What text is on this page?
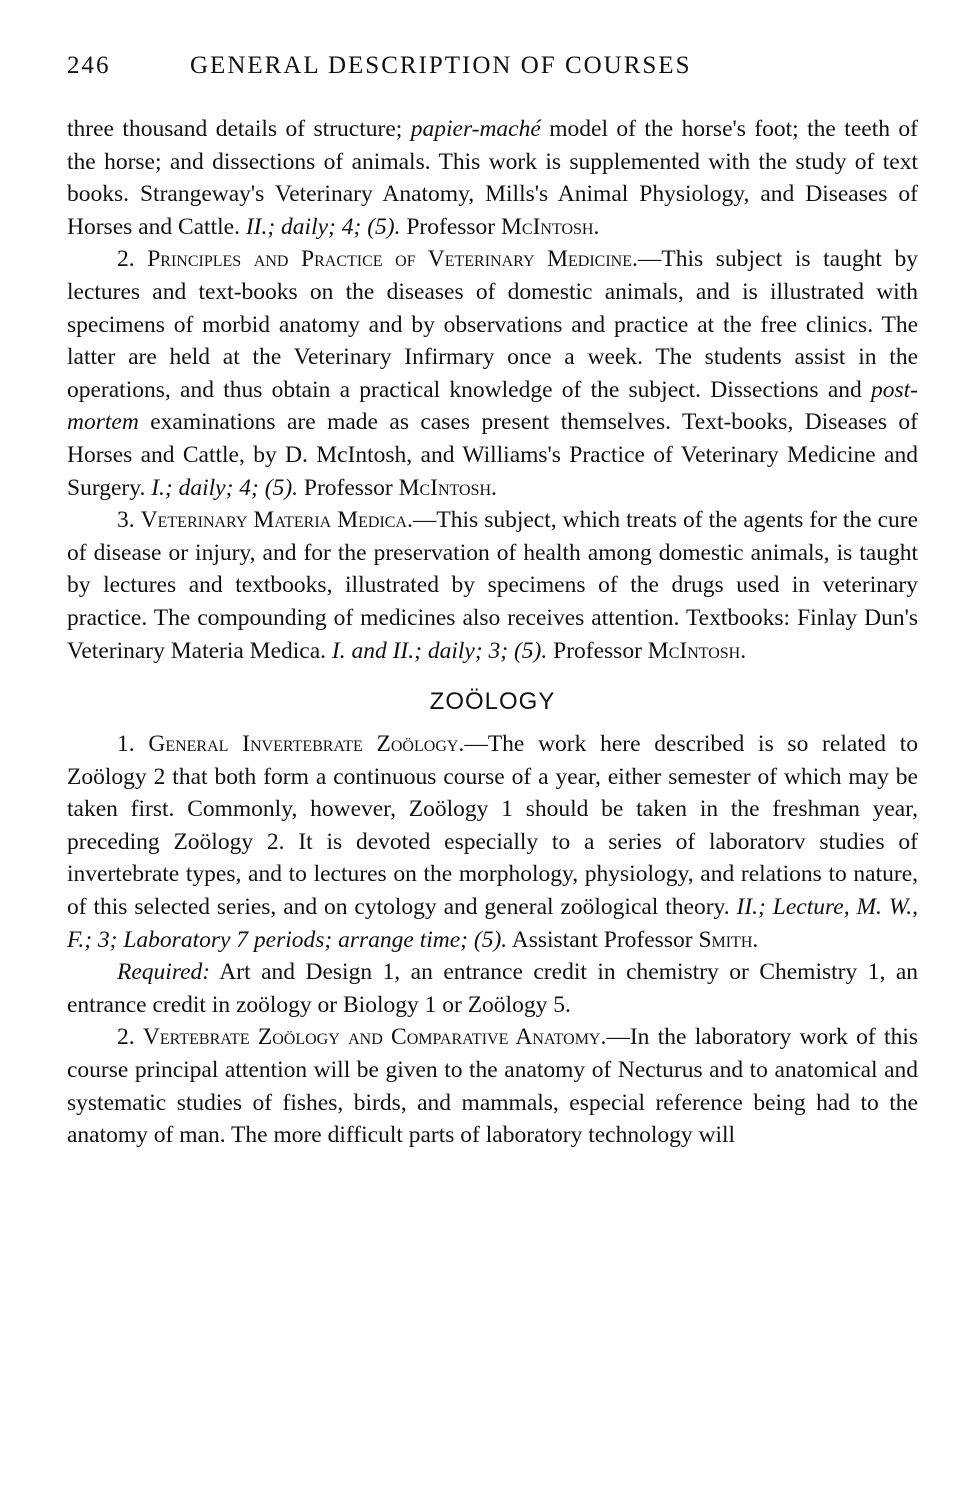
246	GENERAL DESCRIPTION OF COURSES

three thousand details of structure; papier-maché model of the horse's foot; the teeth of the horse; and dissections of animals. This work is supplemented with the study of text books. Strangeway's Veterinary Anatomy, Mills's Animal Physiology, and Diseases of Horses and Cattle. II.; daily; 4; (5). Professor McIntosh.

2. Principles and Practice of Veterinary Medicine.—This subject is taught by lectures and text-books on the diseases of domestic animals, and is illustrated with specimens of morbid anatomy and by observations and practice at the free clinics. The latter are held at the Veterinary Infirmary once a week. The students assist in the operations, and thus obtain a practical knowledge of the subject. Dissections and post-mortem examinations are made as cases present themselves. Text-books, Diseases of Horses and Cattle, by D. McIntosh, and Williams's Practice of Veterinary Medicine and Surgery. I.; daily; 4; (5). Professor McIntosh.

3. Veterinary Materia Medica.—This subject, which treats of the agents for the cure of disease or injury, and for the preservation of health among domestic animals, is taught by lectures and textbooks, illustrated by specimens of the drugs used in veterinary practice. The compounding of medicines also receives attention. Textbooks: Finlay Dun's Veterinary Materia Medica. I. and II.; daily; 3; (5). Professor McIntosh.

ZOÖLOGY

1. General Invertebrate Zoölogy.—The work here described is so related to Zoölogy 2 that both form a continuous course of a year, either semester of which may be taken first. Commonly, however, Zoölogy 1 should be taken in the freshman year, preceding Zoölogy 2. It is devoted especially to a series of laboratorv studies of invertebrate types, and to lectures on the morphology, physiology, and relations to nature, of this selected series, and on cytology and general zoölogical theory. II.; Lecture, M. W., F.; 3; Laboratory 7 periods; arrange time; (5). Assistant Professor Smith.

Required: Art and Design 1, an entrance credit in chemistry or Chemistry 1, an entrance credit in zoölogy or Biology 1 or Zoölogy 5.

2. Vertebrate Zoölogy and Comparative Anatomy.—In the laboratory work of this course principal attention will be given to the anatomy of Necturus and to anatomical and systematic studies of fishes, birds, and mammals, especial reference being had to the anatomy of man. The more difficult parts of laboratory technology will
